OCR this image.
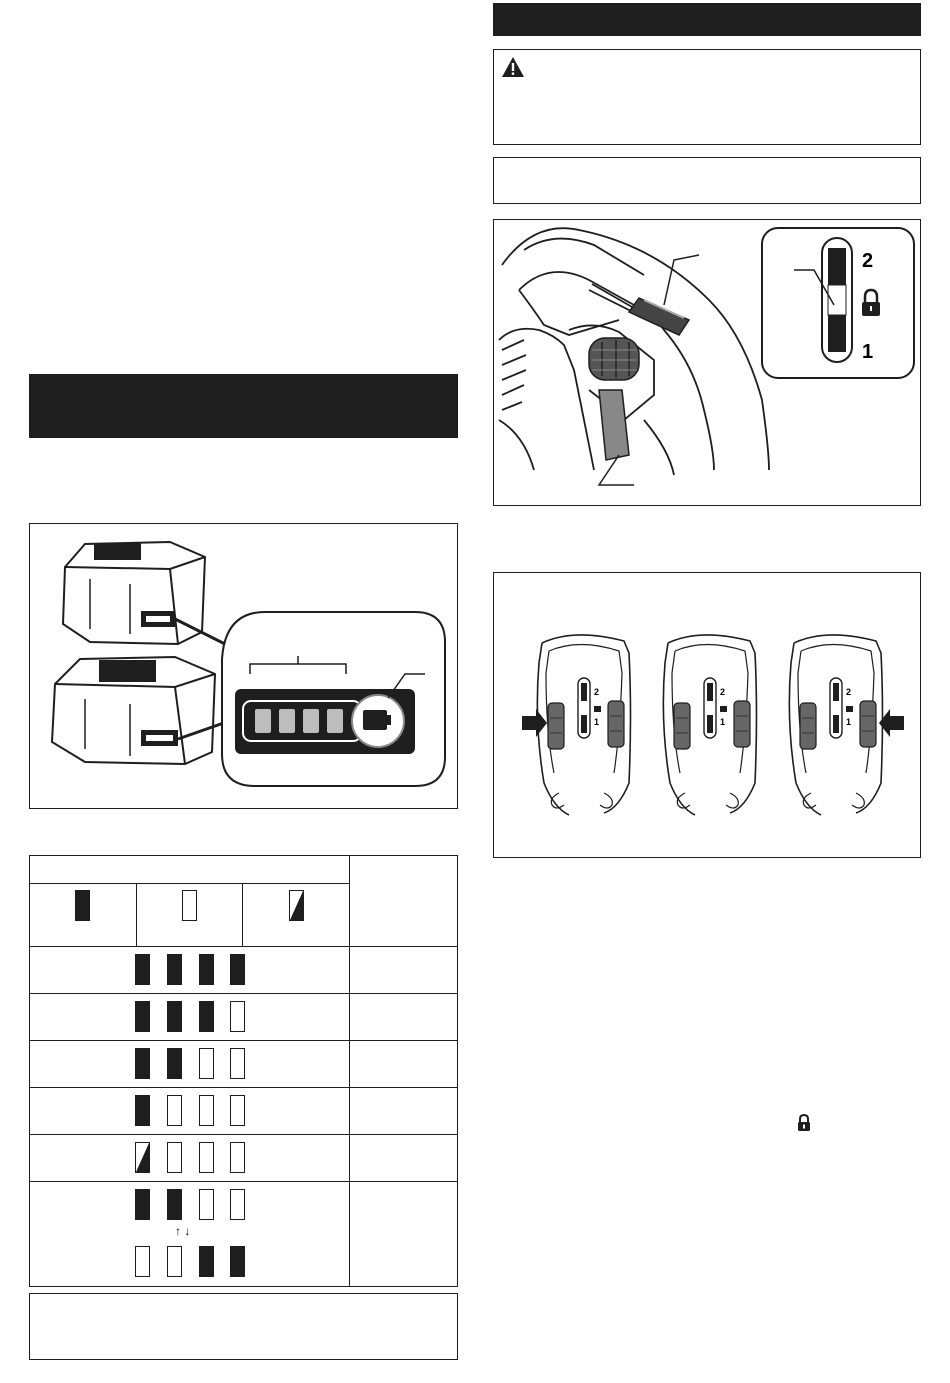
↑ ↓			

2
1
2
1
2
1
2
1
